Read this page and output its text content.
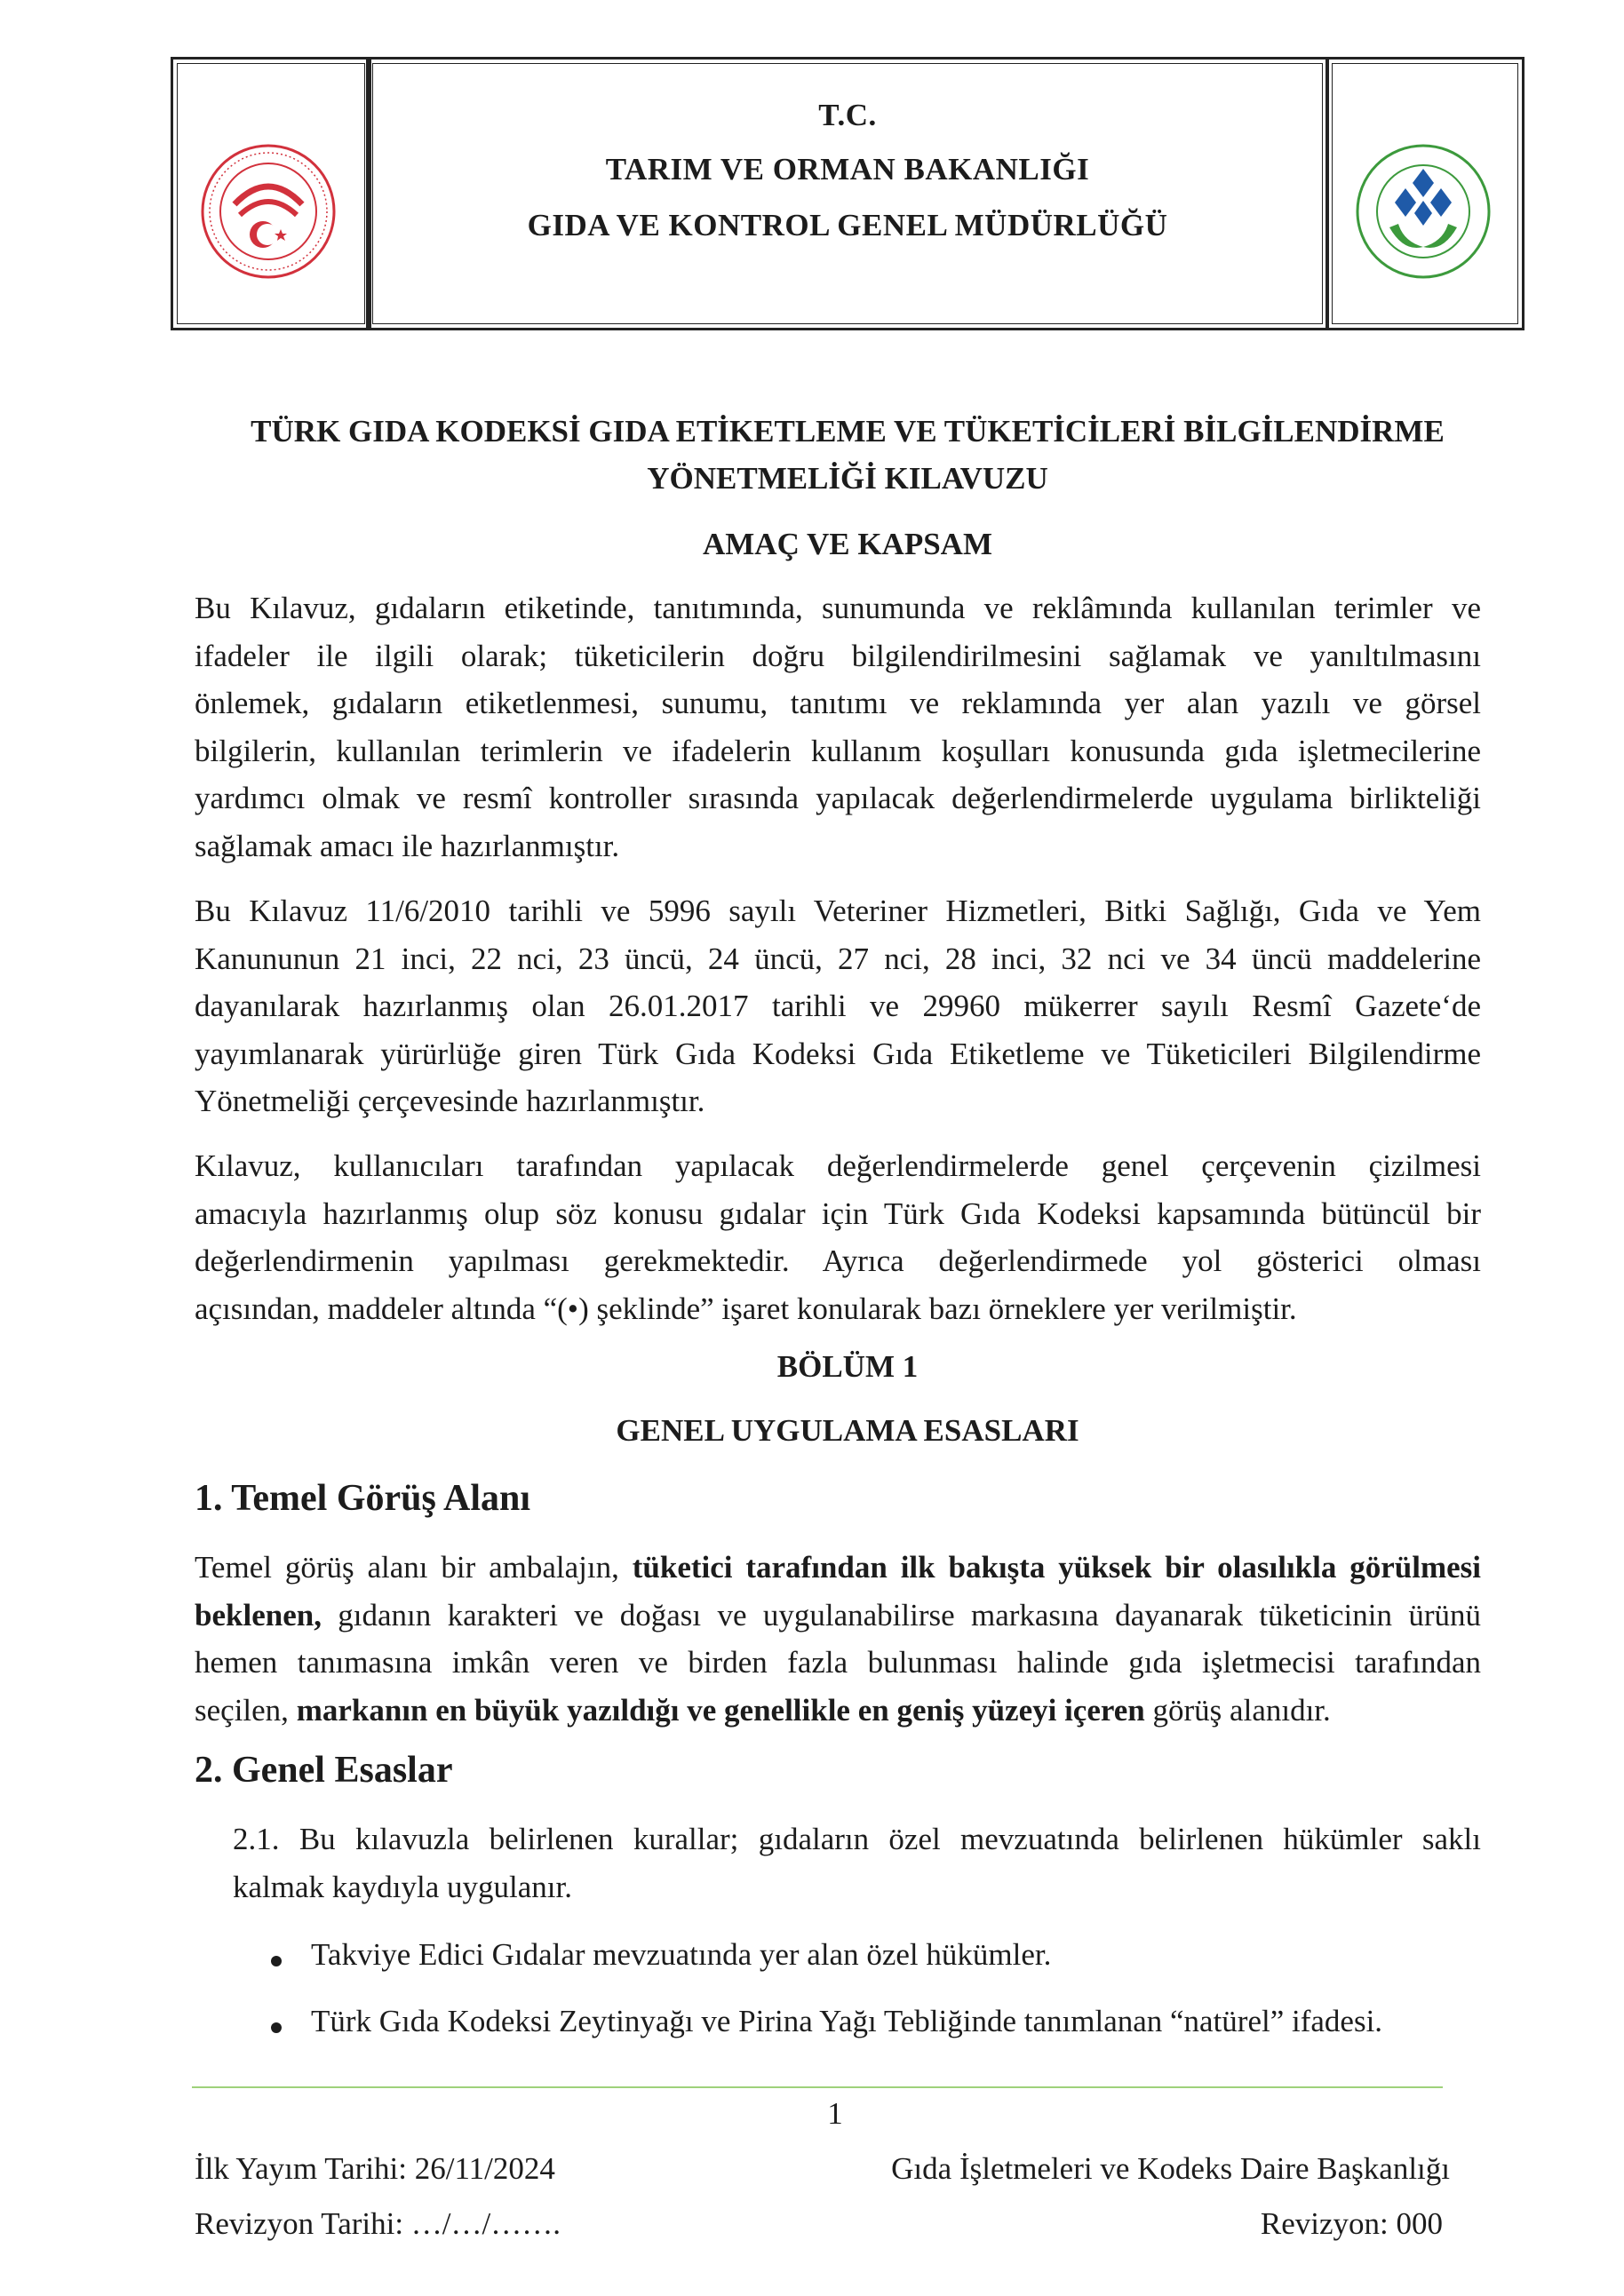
T.C.
TARIM VE ORMAN BAKANLIĞI
GIDA VE KONTROL GENEL MÜDÜRLÜĞÜ
TÜRK GIDA KODEKSİ GIDA ETİKETLEME VE TÜKETİCİLERİ BİLGİLENDİRME
YÖNETMELİĞİ KILAVUZU
AMAÇ VE KAPSAM
Bu Kılavuz, gıdaların etiketinde, tanıtımında, sunumunda ve reklâmında kullanılan terimler ve
ifadeler ile ilgili olarak; tüketicilerin doğru bilgilendirilmesini sağlamak ve yanıltılmasını
önlemek, gıdaların etiketlenmesi, sunumu, tanıtımı ve reklamında yer alan yazılı ve görsel
bilgilerin, kullanılan terimlerin ve ifadelerin kullanım koşulları konusunda gıda işletmecilerine
yardımcı olmak ve resmî kontroller sırasında yapılacak değerlendirmelerde uygulama birlikteliği
sağlamak amacı ile hazırlanmıştır.
Bu Kılavuz 11/6/2010 tarihli ve 5996 sayılı Veteriner Hizmetleri, Bitki Sağlığı, Gıda ve Yem
Kanununun 21 inci, 22 nci, 23 üncü, 24 üncü, 27 nci, 28 inci, 32 nci ve 34 üncü maddelerine
dayanılarak hazırlanmış olan 26.01.2017 tarihli ve 29960 mükerrer sayılı Resmî Gazete‘de
yayımlanarak yürürlüğe giren Türk Gıda Kodeksi Gıda Etiketleme ve Tüketicileri Bilgilendirme
Yönetmeliği çerçevesinde hazırlanmıştır.
Kılavuz, kullanıcıları tarafından yapılacak değerlendirmelerde genel çerçevenin çizilmesi
amacıyla hazırlanmış olup söz konusu gıdalar için Türk Gıda Kodeksi kapsamında bütüncül bir
değerlendirmenin yapılması gerekmektedir. Ayrıca değerlendirmede yol gösterici olması
açısından, maddeler altında “(•) şeklinde” işaret konularak bazı örneklere yer verilmiştir.
BÖLÜM 1
GENEL UYGULAMA ESASLARI
1. Temel Görüş Alanı
Temel görüş alanı bir ambalajın, tüketici tarafından ilk bakışta yüksek bir olasılıkla görülmesi
beklenen, gıdanın karakteri ve doğası ve uygulanabilirse markasına dayanarak tüketicinin ürünü
hemen tanımasına imkân veren ve birden fazla bulunması halinde gıda işletmecisi tarafından
seçilen, markanın en büyük yazıldığı ve genellikle en geniş yüzeyi içeren görüş alanıdır.
2. Genel Esaslar
2.1. Bu kılavuzla belirlenen kurallar; gıdaların özel mevzuatında belirlenen hükümler saklı
kalmak kaydıyla uygulanır.
Takviye Edici Gıdalar mevzuatında yer alan özel hükümler.
Türk Gıda Kodeksi Zeytinyağı ve Pirina Yağı Tebliğinde tanımlanan “natürel” ifadesi.
1
İlk Yayım Tarihi: 26/11/2024	Gıda İşletmeleri ve Kodeks Daire Başkanlığı
Revizyon Tarihi: …/…/…….	Revizyon: 000
